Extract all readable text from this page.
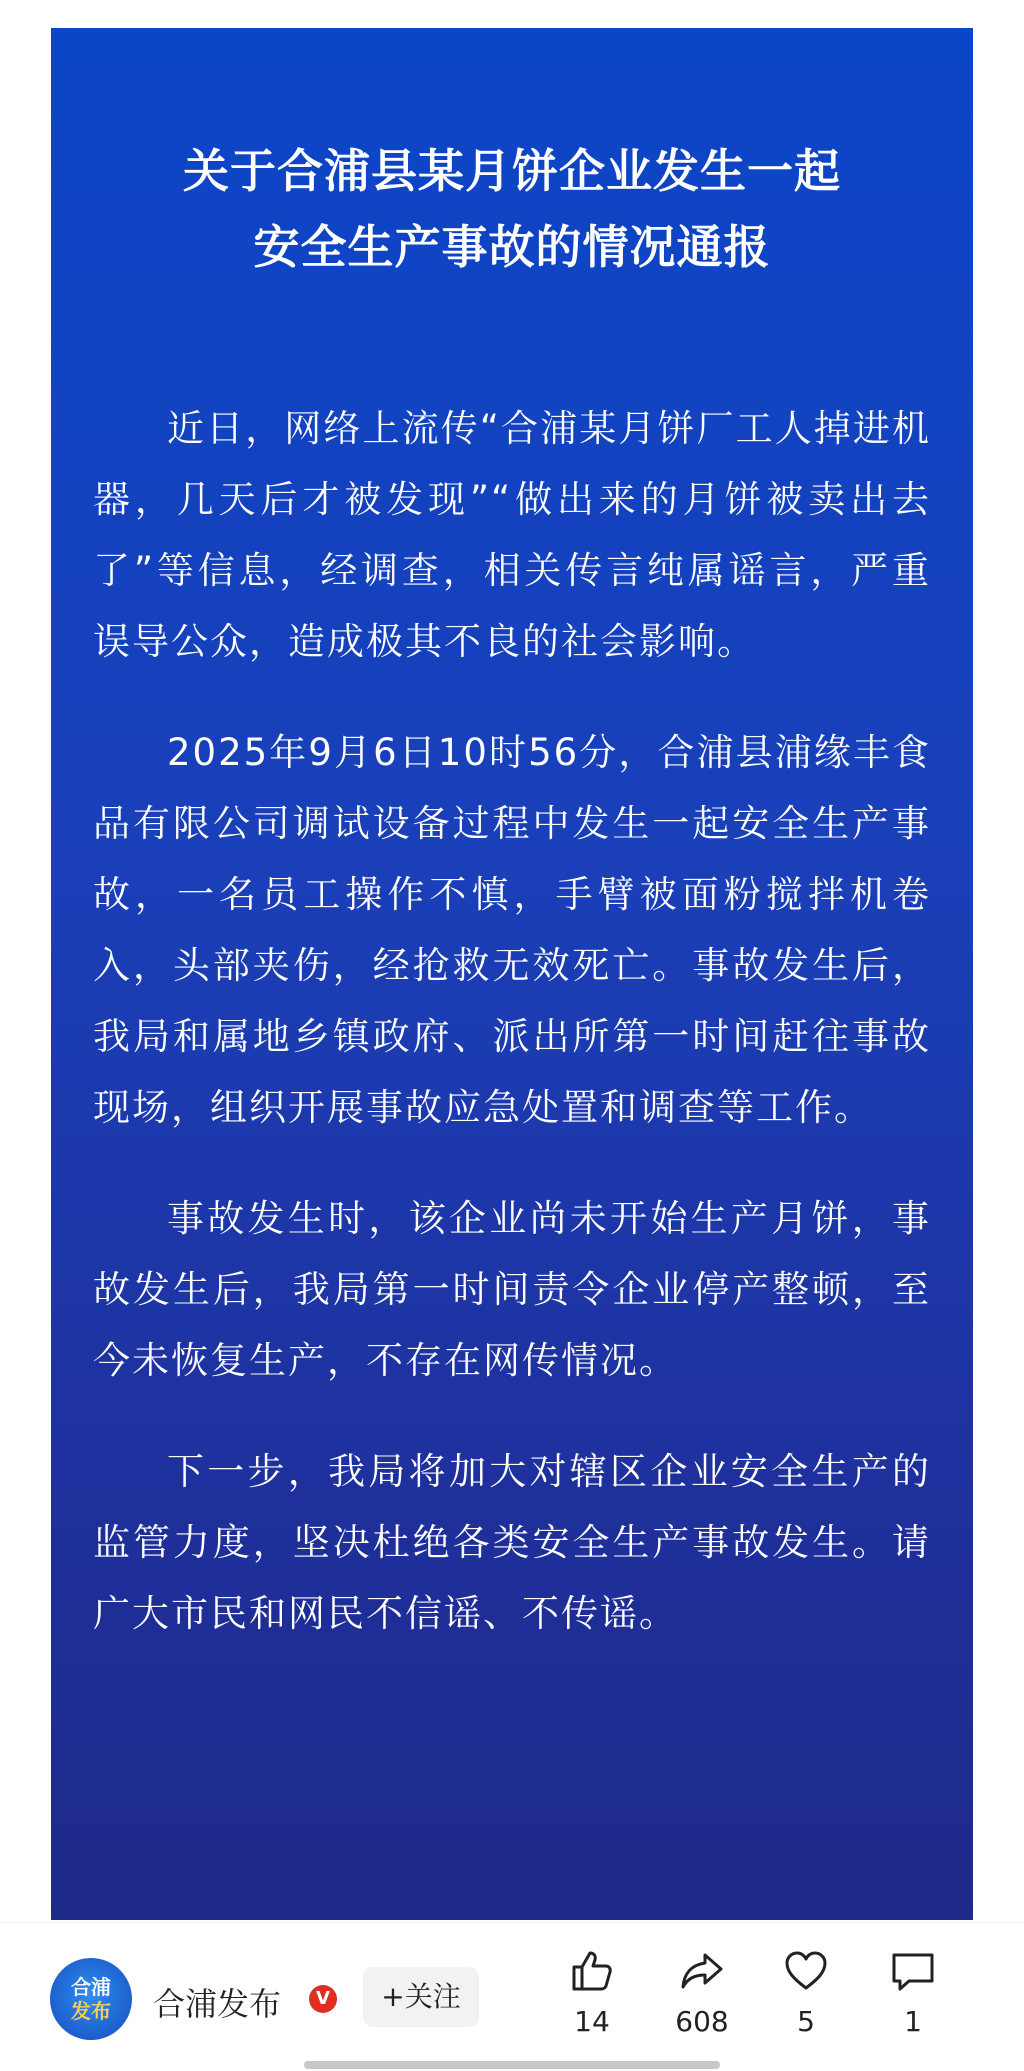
关于合浦县某月饼企业发生一起
安全生产事故的情况通报

近日，网络上流传“合浦某月饼厂工人掉进机器，几天后才被发现”“做出来的月饼被卖出去了”等信息，经调查，相关传言纯属谣言，严重误导公众，造成极其不良的社会影响。

2025年9月6日10时56分，合浦县浦缘丰食品有限公司调试设备过程中发生一起安全生产事故，一名员工操作不慎，手臂被面粉搅拌机卷入，头部夹伤，经抢救无效死亡。事故发生后，我局和属地乡镇政府、派出所第一时间赶往事故现场，组织开展事故应急处置和调查等工作。

事故发生时，该企业尚未开始生产月饼，事故发生后，我局第一时间责令企业停产整顿，至今未恢复生产，不存在网传情况。

下一步，我局将加大对辖区企业安全生产的监管力度，坚决杜绝各类安全生产事故发生。请广大市民和网民不信谣、不传谣。

合浦
发布	合浦发布	V	+关注
14	608	5	1
